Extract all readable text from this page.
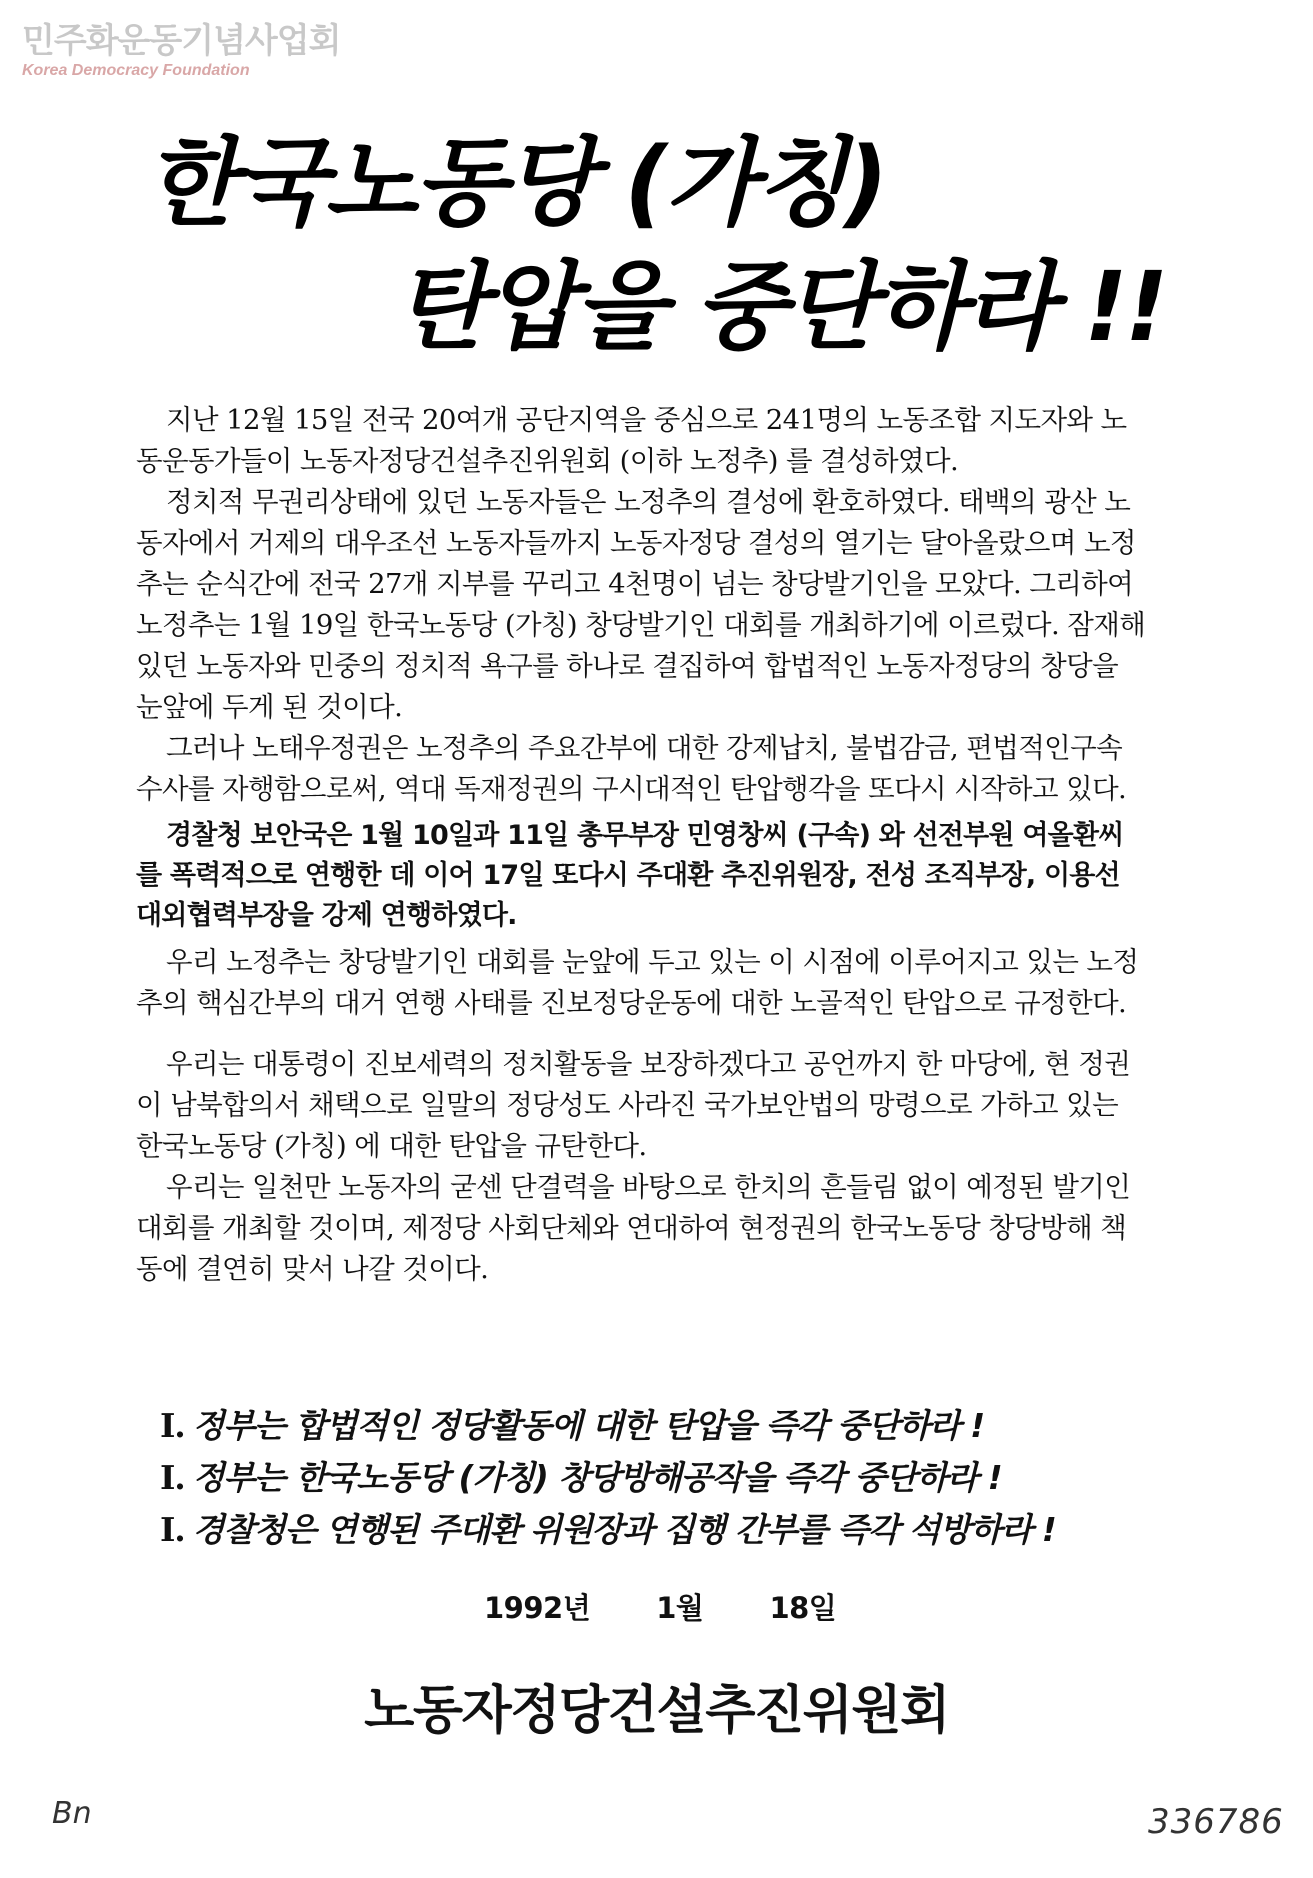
민주화운동기념사업회
Korea Democracy Foundation
한국노동당 (가칭)
탄압을 중단하라 !!

지난 12월 15일 전국 20여개 공단지역을 중심으로 241명의 노동조합 지도자와 노동운동가들이 노동자정당건설추진위원회 (이하 노정추) 를 결성하였다.

정치적 무권리상태에 있던 노동자들은 노정추의 결성에 환호하였다. 태백의 광산 노동자에서 거제의 대우조선 노동자들까지 노동자정당 결성의 열기는 달아올랐으며 노정추는 순식간에 전국 27개 지부를 꾸리고 4천명이 넘는 창당발기인을 모았다. 그리하여 노정추는 1월 19일 한국노동당 (가칭) 창당발기인 대회를 개최하기에 이르렀다. 잠재해 있던 노동자와 민중의 정치적 욕구를 하나로 결집하여 합법적인 노동자정당의 창당을 눈앞에 두게 된 것이다.

그러나 노태우정권은 노정추의 주요간부에 대한 강제납치, 불법감금, 편법적인구속수사를 자행함으로써, 역대 독재정권의 구시대적인 탄압행각을 또다시 시작하고 있다.

경찰청 보안국은 1월 10일과 11일 총무부장 민영창씨 (구속) 와 선전부원 여올환씨를 폭력적으로 연행한 데 이어 17일 또다시 주대환 추진위원장, 전성 조직부장, 이용선 대외협력부장을 강제 연행하였다.

우리 노정추는 창당발기인 대회를 눈앞에 두고 있는 이 시점에 이루어지고 있는 노정추의 핵심간부의 대거 연행 사태를 진보정당운동에 대한 노골적인 탄압으로 규정한다.

우리는 대통령이 진보세력의 정치활동을 보장하겠다고 공언까지 한 마당에, 현 정권이 남북합의서 채택으로 일말의 정당성도 사라진 국가보안법의 망령으로 가하고 있는 한국노동당 (가칭) 에 대한 탄압을 규탄한다.

우리는 일천만 노동자의 굳센 단결력을 바탕으로 한치의 흔들림 없이 예정된 발기인 대회를 개최할 것이며, 제정당 사회단체와 연대하여 현정권의 한국노동당 창당방해 책동에 결연히 맞서 나갈 것이다.

Ⅰ. 정부는 합법적인 정당활동에 대한 탄압을 즉각 중단하라 !
Ⅰ. 정부는 한국노동당 (가칭) 창당방해공작을 즉각 중단하라 !
Ⅰ. 경찰청은 연행된 주대환 위원장과 집행 간부를 즉각 석방하라 !
1992년 1월 18일
노동자정당건설추진위원회
Bn	336786
